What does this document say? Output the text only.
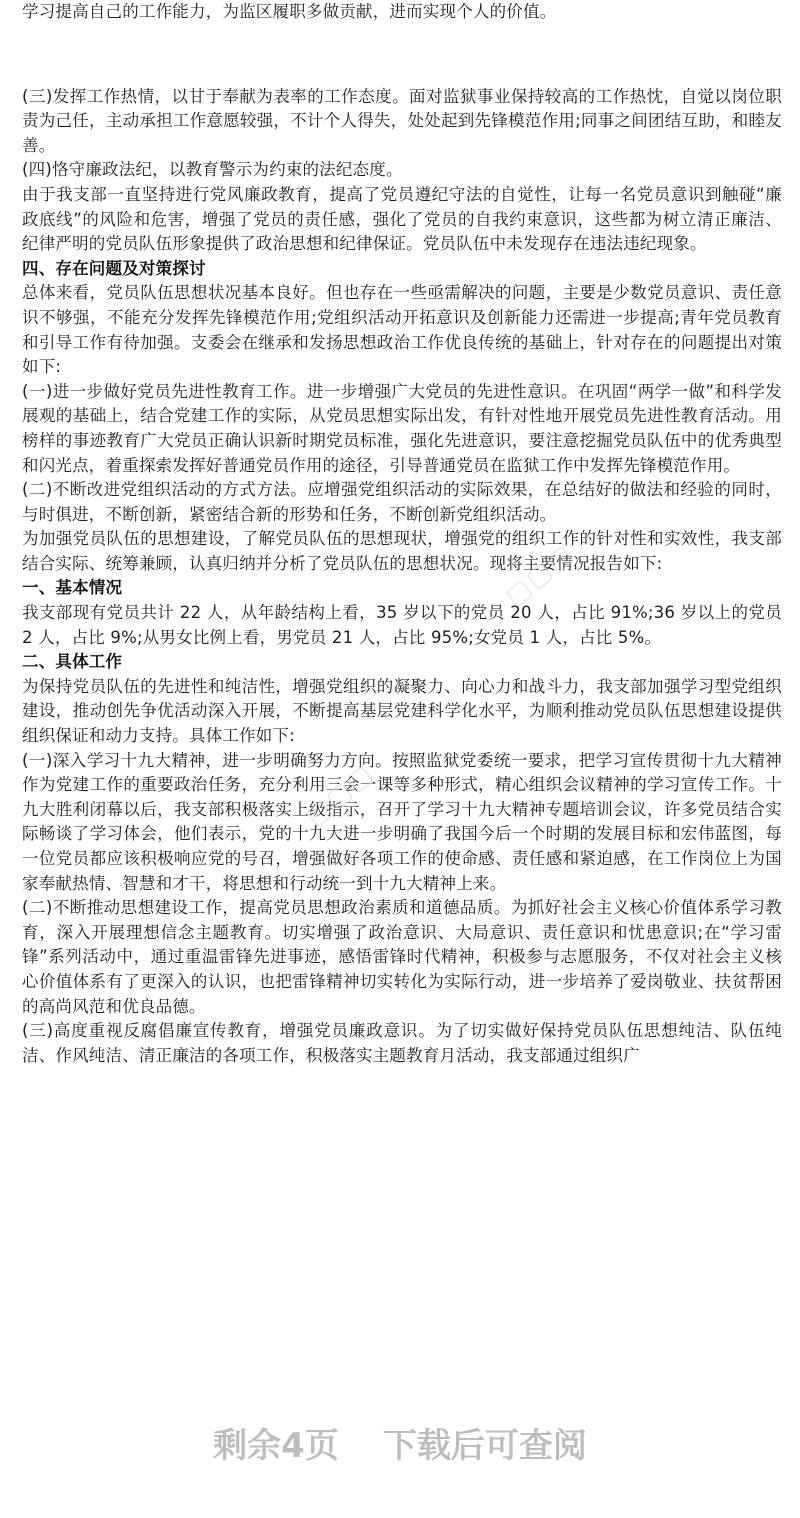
学习提高自己的工作能力，为监区履职多做贡献，进而实现个人的价值。

(三)发挥工作热情，以甘于奉献为表率的工作态度。面对监狱事业保持较高的工作热忱，自觉以岗位职责为己任，主动承担工作意愿较强，不计个人得失，处处起到先锋模范作用;同事之间团结互助，和睦友善。

(四)恪守廉政法纪，以教育警示为约束的法纪态度。

由于我支部一直坚持进行党风廉政教育，提高了党员遵纪守法的自觉性，让每一名党员意识到触碰“廉政底线”的风险和危害，增强了党员的责任感，强化了党员的自我约束意识，这些都为树立清正廉洁、纪律严明的党员队伍形象提供了政治思想和纪律保证。党员队伍中未发现存在违法违纪现象。

四、存在问题及对策探讨

总体来看，党员队伍思想状况基本良好。但也存在一些亟需解决的问题，主要是少数党员意识、责任意识不够强，不能充分发挥先锋模范作用;党组织活动开拓意识及创新能力还需进一步提高;青年党员教育和引导工作有待加强。支委会在继承和发扬思想政治工作优良传统的基础上，针对存在的问题提出对策如下:

(一)进一步做好党员先进性教育工作。进一步增强广大党员的先进性意识。在巩固“两学一做”和科学发展观的基础上，结合党建工作的实际，从党员思想实际出发，有针对性地开展党员先进性教育活动。用榜样的事迹教育广大党员正确认识新时期党员标准，强化先进意识，要注意挖掘党员队伍中的优秀典型和闪光点，着重探索发挥好普通党员作用的途径，引导普通党员在监狱工作中发挥先锋模范作用。

(二)不断改进党组织活动的方式方法。应增强党组织活动的实际效果，在总结好的做法和经验的同时，与时俱进，不断创新，紧密结合新的形势和任务，不断创新党组织活动。

为加强党员队伍的思想建设，了解党员队伍的思想现状，增强党的组织工作的针对性和实效性，我支部结合实际、统筹兼顾，认真归纳并分析了党员队伍的思想状况。现将主要情况报告如下:

一、基本情况

我支部现有党员共计 22 人，从年龄结构上看，35 岁以下的党员 20 人，占比 91%;36 岁以上的党员 2 人，占比 9%;从男女比例上看，男党员 21 人，占比 95%;女党员 1 人，占比 5%。

二、具体工作

为保持党员队伍的先进性和纯洁性，增强党组织的凝聚力、向心力和战斗力，我支部加强学习型党组织建设，推动创先争优活动深入开展，不断提高基层党建科学化水平，为顺利推动党员队伍思想建设提供组织保证和动力支持。具体工作如下:

(一)深入学习十九大精神，进一步明确努力方向。按照监狱党委统一要求，把学习宣传贯彻十九大精神作为党建工作的重要政治任务，充分利用三会一课等多种形式，精心组织会议精神的学习宣传工作。十九大胜利闭幕以后，我支部积极落实上级指示，召开了学习十九大精神专题培训会议，许多党员结合实际畅谈了学习体会，他们表示，党的十九大进一步明确了我国今后一个时期的发展目标和宏伟蓝图，每一位党员都应该积极响应党的号召，增强做好各项工作的使命感、责任感和紧迫感，在工作岗位上为国家奉献热情、智慧和才干，将思想和行动统一到十九大精神上来。

(二)不断推动思想建设工作，提高党员思想政治素质和道德品质。为抓好社会主义核心价值体系学习教育，深入开展理想信念主题教育。切实增强了政治意识、大局意识、责任意识和忧患意识;在“学习雷锋”系列活动中，通过重温雷锋先进事迹，感悟雷锋时代精神，积极参与志愿服务，不仅对社会主义核心价值体系有了更深入的认识，也把雷锋精神切实转化为实际行动，进一步培养了爱岗敬业、扶贫帮困的高尚风范和优良品德。

(三)高度重视反腐倡廉宣传教育，增强党员廉政意识。为了切实做好保持党员队伍思想纯洁、队伍纯洁、作风纯洁、清正廉洁的各项工作，积极落实主题教育月活动，我支部通过组织广

▢▢▢
▢▢▢
剩余4页 下载后可查阅
